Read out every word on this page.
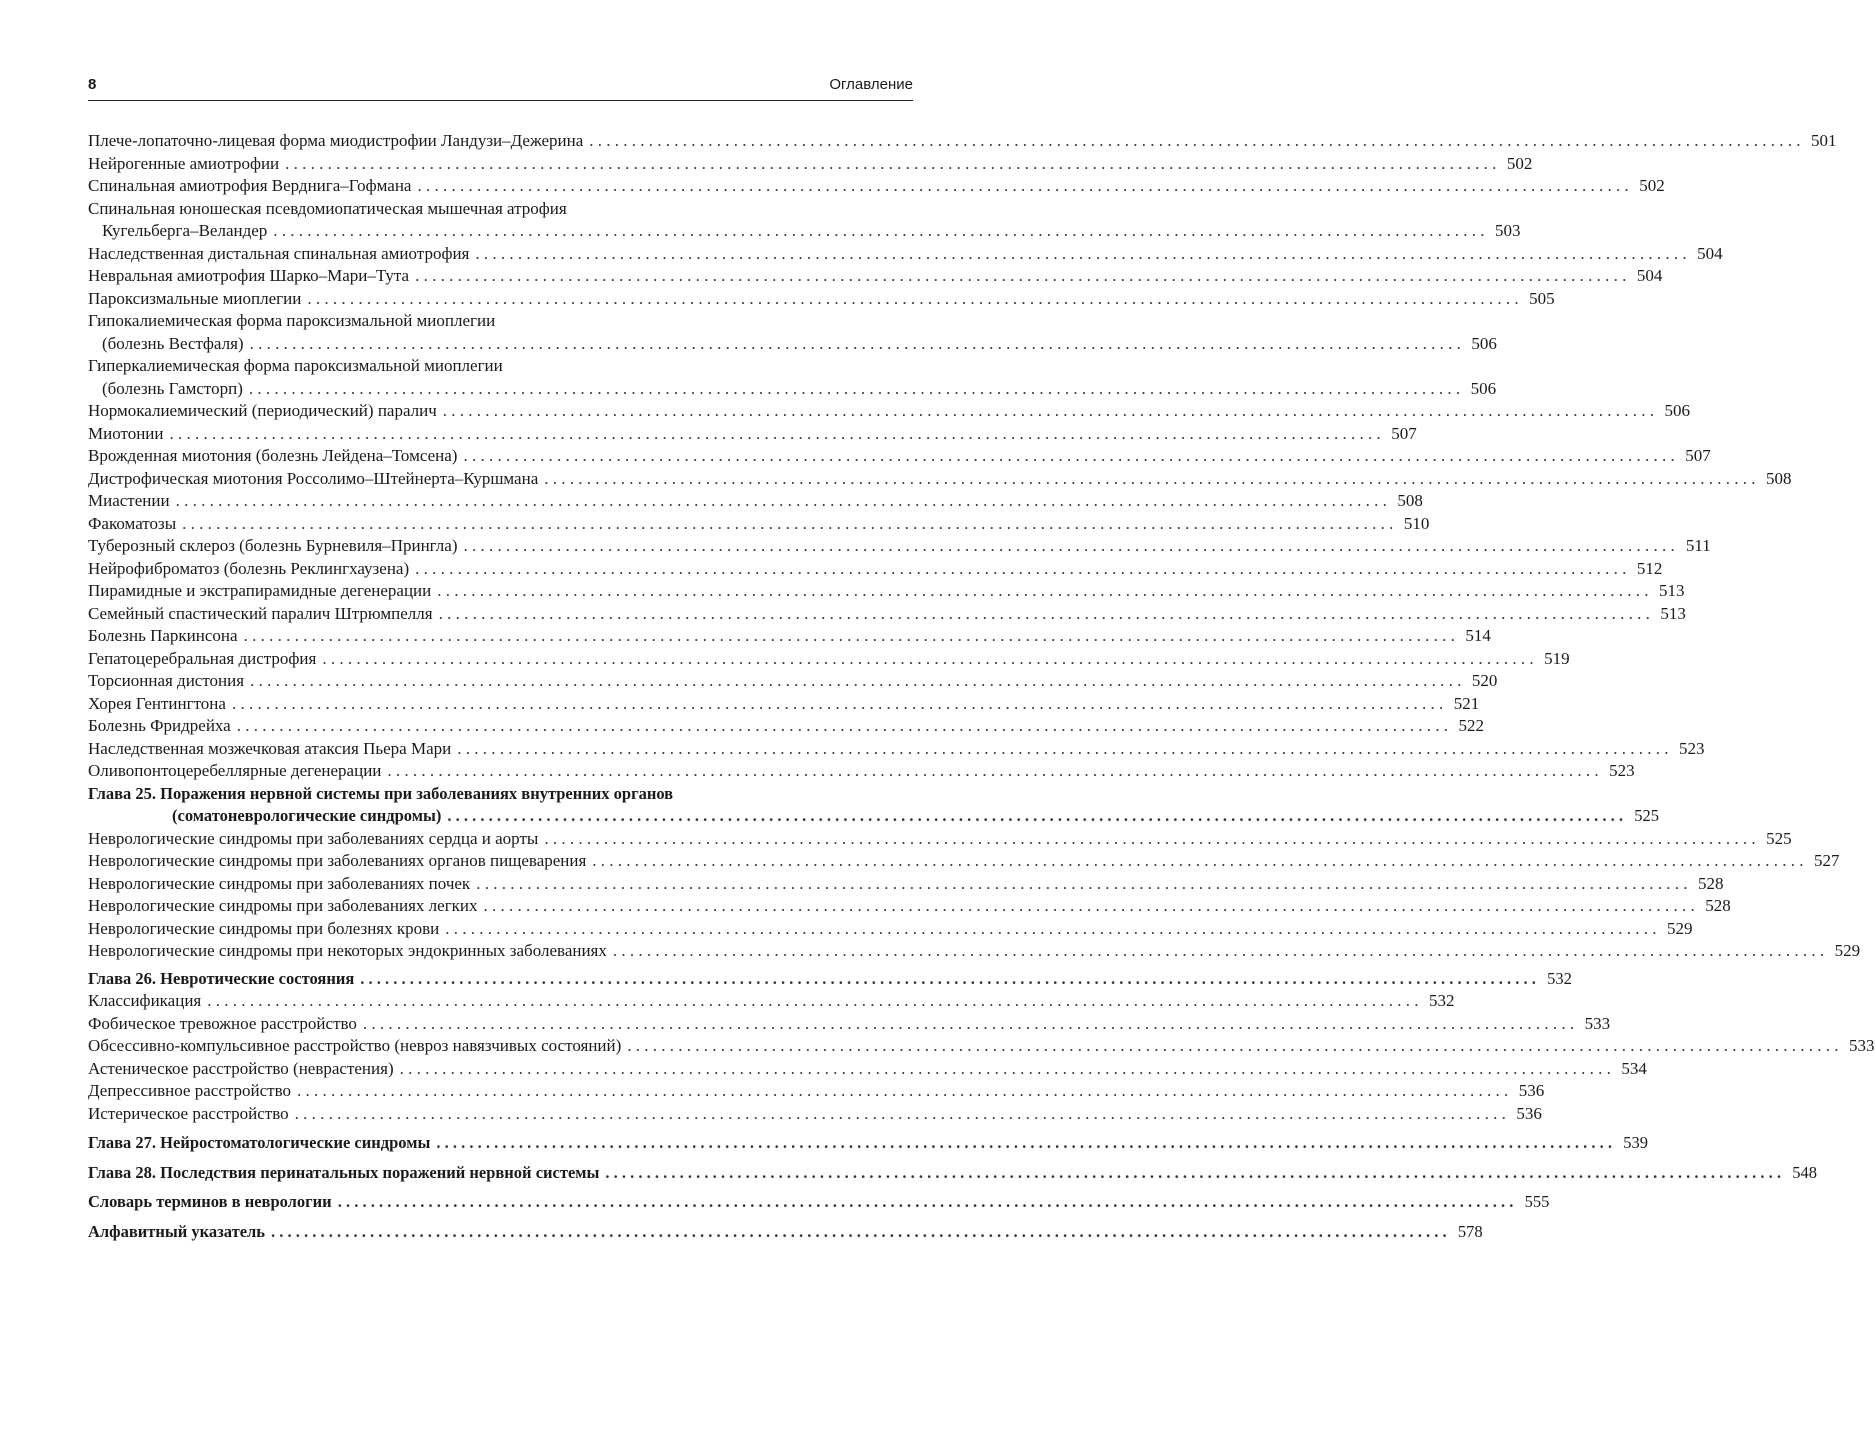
8	Оглавление
Плече-лопаточно-лицевая форма миодистрофии Ландузи–Дежерина . . .	501
Нейрогенные амиотрофии . . .	502
Спинальная амиотрофия Верднига–Гофмана . . .	502
Спинальная юношеская псевдомиопатическая мышечная атрофия
Кугельберга–Веландер . . .	503
Наследственная дистальная спинальная амиотрофия . . .	504
Невральная амиотрофия Шарко–Мари–Тута . . .	504
Пароксизмальные миоплегии . . .	505
Гипокалиемическая форма пароксизмальной миоплегии
(болезнь Вестфаля) . . .	506
Гиперкалиемическая форма пароксизмальной миоплегии
(болезнь Гамсторп) . . .	506
Нормокалиемический (периодический) паралич . . .	506
Миотонии . . .	507
Врожденная миотония (болезнь Лейдена–Томсена) . . .	507
Дистрофическая миотония Россолимо–Штейнерта–Куршмана . . .	508
Миастении . . .	508
Факоматозы . . .	510
Туберозный склероз (болезнь Бурневиля–Прингла) . . .	511
Нейрофиброматоз (болезнь Реклингхаузена) . . .	512
Пирамидные и экстрапирамидные дегенерации . . .	513
Семейный спастический паралич Штрюмпелля . . .	513
Болезнь Паркинсона . . .	514
Гепатоцеребральная дистрофия . . .	519
Торсионная дистония . . .	520
Хорея Гентингтона . . .	521
Болезнь Фридрейха . . .	522
Наследственная мозжечковая атаксия Пьера Мари . . .	523
Оливопонтоцеребеллярные дегенерации . . .	523
Глава 25. Поражения нервной системы при заболеваниях внутренних органов
(соматоневрологические синдромы) . . .	525
Неврологические синдромы при заболеваниях сердца и аорты . . .	525
Неврологические синдромы при заболеваниях органов пищеварения . . .	527
Неврологические синдромы при заболеваниях почек . . .	528
Неврологические синдромы при заболеваниях легких . . .	528
Неврологические синдромы при болезнях крови . . .	529
Неврологические синдромы при некоторых эндокринных заболеваниях . . .	529
Глава 26. Невротические состояния . . .	532
Классификация . . .	532
Фобическое тревожное расстройство . . .	533
Обсессивно-компульсивное расстройство (невроз навязчивых состояний) . . .	533
Астеническое расстройство (неврастения) . . .	534
Депрессивное расстройство . . .	536
Истерическое расстройство . . .	536
Глава 27. Нейростоматологические синдромы . . .	539
Глава 28. Последствия перинатальных поражений нервной системы . . .	548
Словарь терминов в неврологии . . .	555
Алфавитный указатель . . .	578
